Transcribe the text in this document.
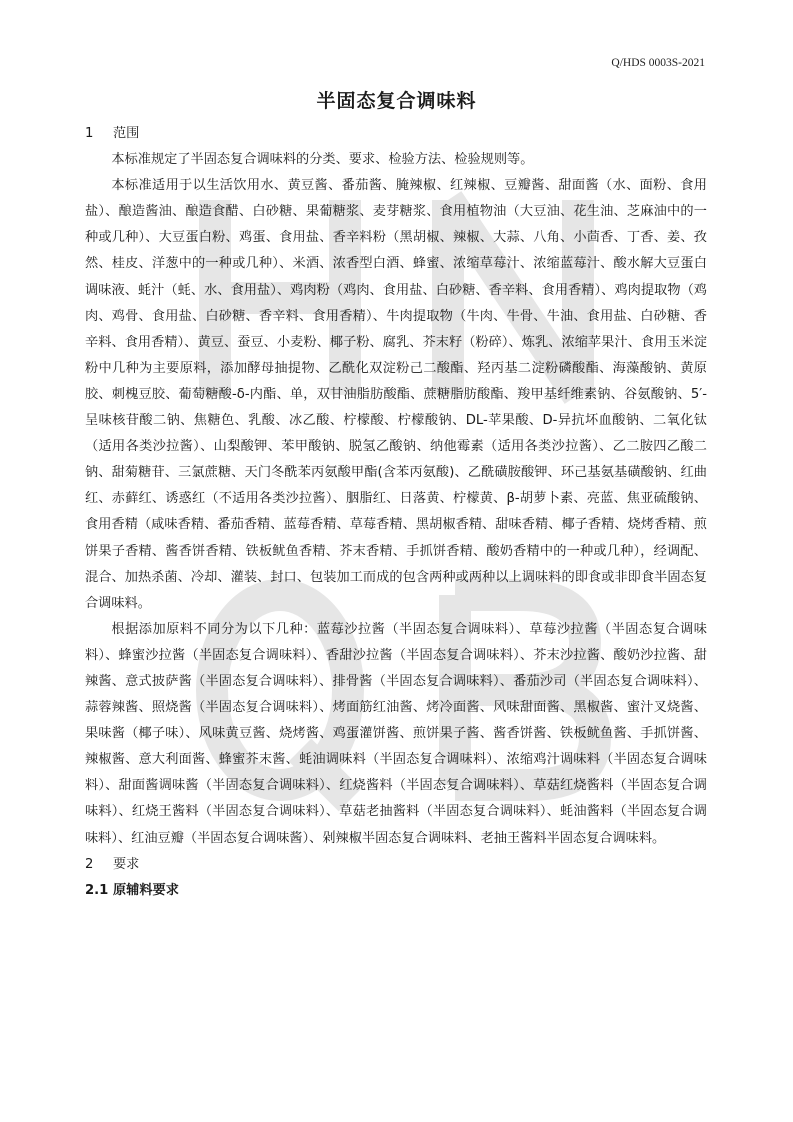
Q/HDS 0003S-2021
半固态复合调味料
1 范围

本标准规定了半固态复合调味料的分类、要求、检验方法、检验规则等。

本标准适用于以生活饮用水、黄豆酱、番茄酱、腌辣椒、红辣椒、豆瓣酱、甜面酱（水、面粉、食用盐）、酿造酱油、酿造食醋、白砂糖、果葡糖浆、麦芽糖浆、食用植物油（大豆油、花生油、芝麻油中的一种或几种）、大豆蛋白粉、鸡蛋、食用盐、香辛料粉（黑胡椒、辣椒、大蒜、八角、小茴香、丁香、姜、孜然、桂皮、洋葱中的一种或几种）、米酒、浓香型白酒、蜂蜜、浓缩草莓汁、浓缩蓝莓汁、酸水解大豆蛋白调味液、蚝汁（蚝、水、食用盐）、鸡肉粉（鸡肉、食用盐、白砂糖、香辛料、食用香精）、鸡肉提取物（鸡肉、鸡骨、食用盐、白砂糖、香辛料、食用香精）、牛肉提取物（牛肉、牛骨、牛油、食用盐、白砂糖、香辛料、食用香精）、黄豆、蚕豆、小麦粉、椰子粉、腐乳、芥末籽（粉碎）、炼乳、浓缩苹果汁、食用玉米淀粉中几种为主要原料，添加酵母抽提物、乙酰化双淀粉己二酸酯、羟丙基二淀粉磷酸酯、海藻酸钠、黄原胶、刺槐豆胶、葡萄糖酸-δ-内酯、单，双甘油脂肪酸酯、蔗糖脂肪酸酯、羧甲基纤维素钠、谷氨酸钠、5′-呈味核苷酸二钠、焦糖色、乳酸、冰乙酸、柠檬酸、柠檬酸钠、DL-苹果酸、D-异抗坏血酸钠、二氧化钛（适用各类沙拉酱）、山梨酸钾、苯甲酸钠、脱氢乙酸钠、纳他霉素（适用各类沙拉酱）、乙二胺四乙酸二钠、甜菊糖苷、三氯蔗糖、天门冬酰苯丙氨酸甲酯(含苯丙氨酸)、乙酰磺胺酸钾、环己基氨基磺酸钠、红曲红、赤藓红、诱惑红（不适用各类沙拉酱）、胭脂红、日落黄、柠檬黄、β-胡萝卜素、亮蓝、焦亚硫酸钠、食用香精（咸味香精、番茄香精、蓝莓香精、草莓香精、黑胡椒香精、甜味香精、椰子香精、烧烤香精、煎饼果子香精、酱香饼香精、铁板鱿鱼香精、芥末香精、手抓饼香精、酸奶香精中的一种或几种），经调配、混合、加热杀菌、冷却、灌装、封口、包装加工而成的包含两种或两种以上调味料的即食或非即食半固态复合调味料。

根据添加原料不同分为以下几种：蓝莓沙拉酱（半固态复合调味料）、草莓沙拉酱（半固态复合调味料）、蜂蜜沙拉酱（半固态复合调味料）、香甜沙拉酱（半固态复合调味料）、芥末沙拉酱、酸奶沙拉酱、甜辣酱、意式披萨酱（半固态复合调味料）、排骨酱（半固态复合调味料）、番茄沙司（半固态复合调味料）、蒜蓉辣酱、照烧酱（半固态复合调味料）、烤面筋红油酱、烤冷面酱、风味甜面酱、黑椒酱、蜜汁叉烧酱、果味酱（椰子味）、风味黄豆酱、烧烤酱、鸡蛋灌饼酱、煎饼果子酱、酱香饼酱、铁板鱿鱼酱、手抓饼酱、辣椒酱、意大利面酱、蜂蜜芥末酱、蚝油调味料（半固态复合调味料）、浓缩鸡汁调味料（半固态复合调味料）、甜面酱调味酱（半固态复合调味料）、红烧酱料（半固态复合调味料）、草菇红烧酱料（半固态复合调味料）、红烧王酱料（半固态复合调味料）、草菇老抽酱料（半固态复合调味料）、蚝油酱料（半固态复合调味料）、红油豆瓣（半固态复合调味酱）、剁辣椒半固态复合调味料、老抽王酱料半固态复合调味料。

2 要求
2.1 原辅料要求
